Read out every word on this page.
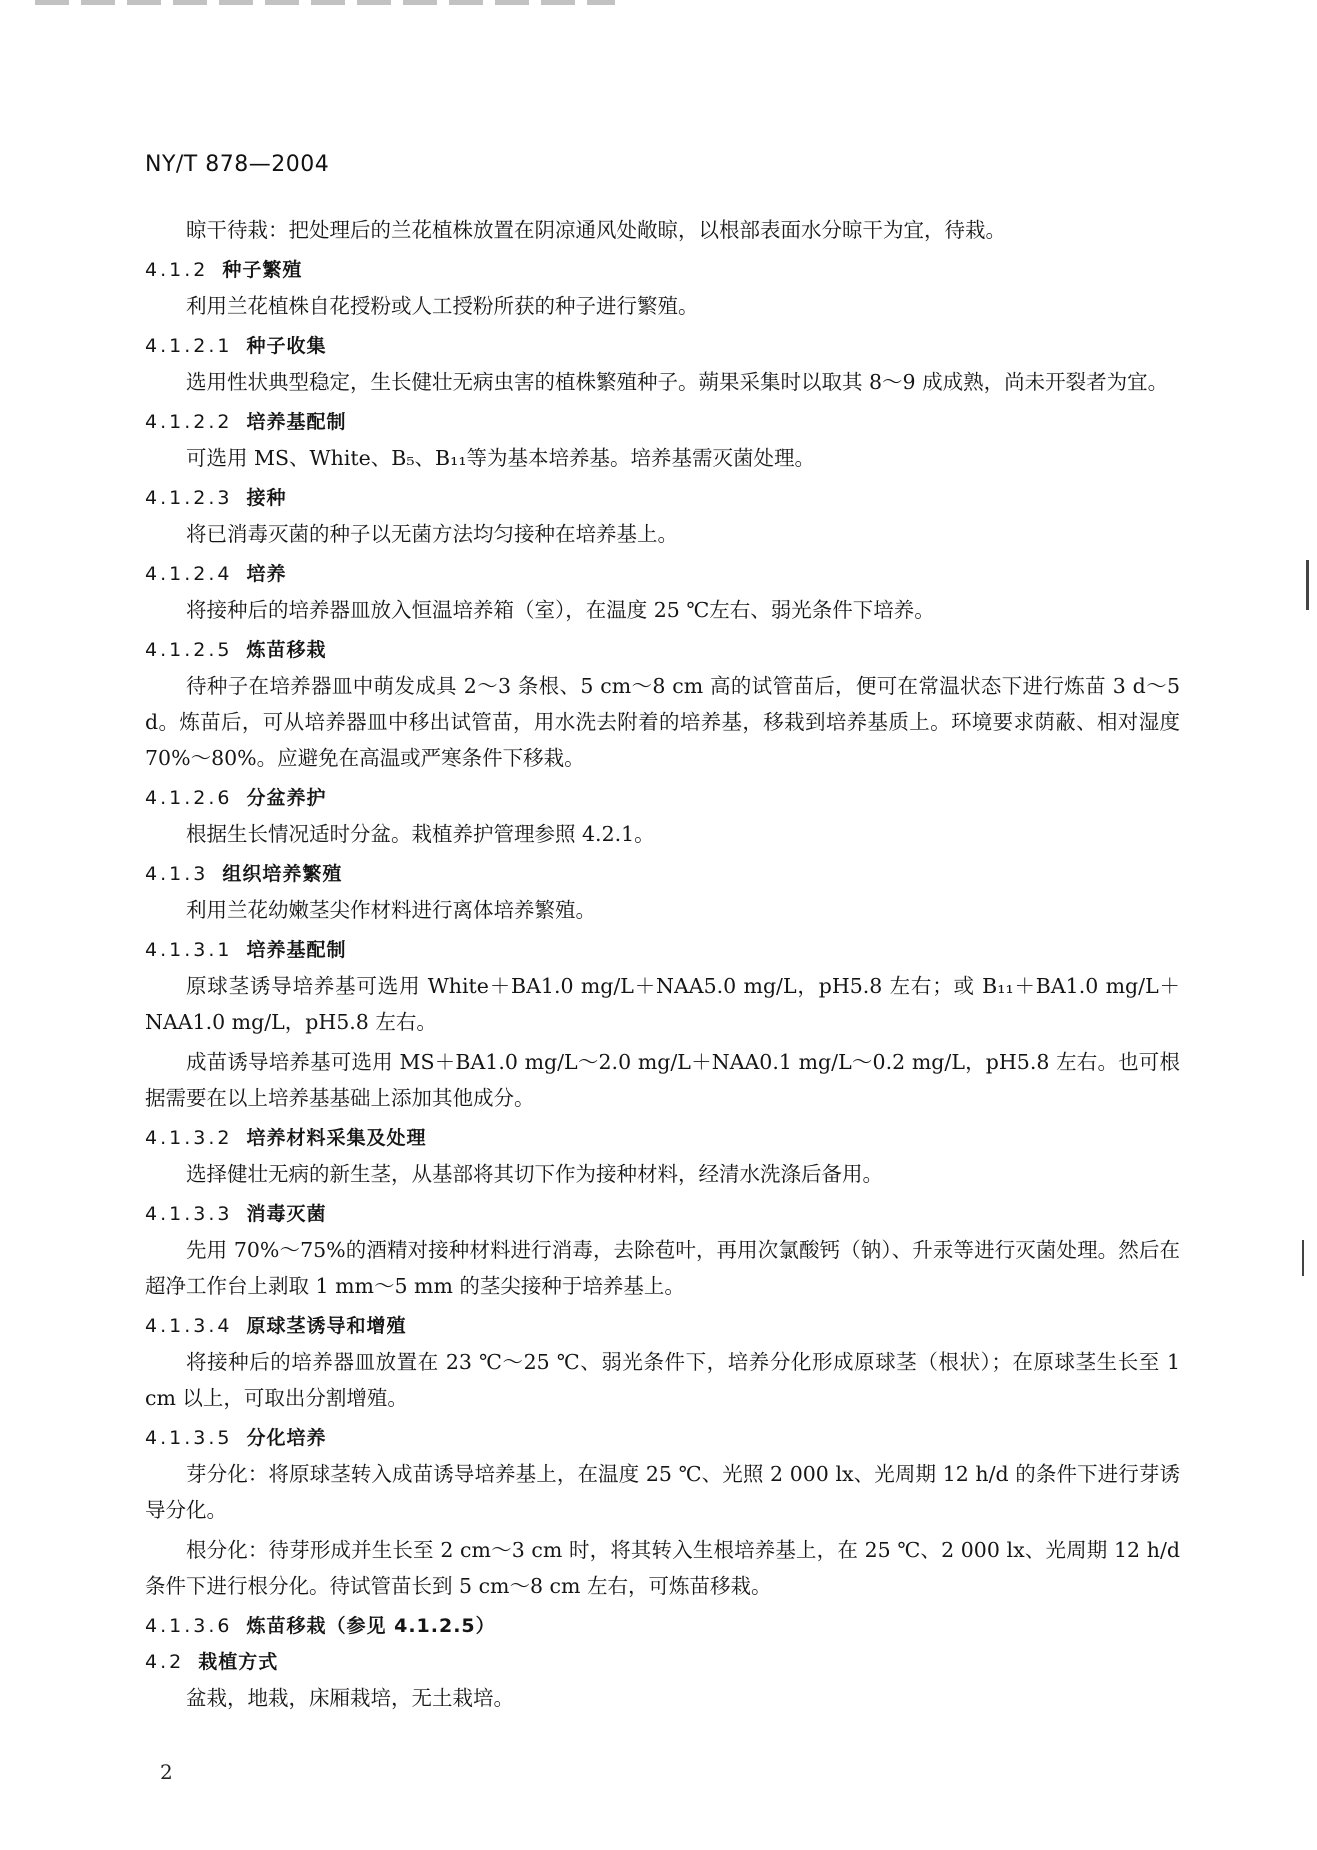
NY/T 878—2004

晾干待栽：把处理后的兰花植株放置在阴凉通风处敞晾，以根部表面水分晾干为宜，待栽。

4.1.2 种子繁殖

利用兰花植株自花授粉或人工授粉所获的种子进行繁殖。

4.1.2.1 种子收集

选用性状典型稳定，生长健壮无病虫害的植株繁殖种子。蒴果采集时以取其 8～9 成成熟，尚未开裂者为宜。

4.1.2.2 培养基配制

可选用 MS、White、B₅、B₁₁等为基本培养基。培养基需灭菌处理。

4.1.2.3 接种

将已消毒灭菌的种子以无菌方法均匀接种在培养基上。

4.1.2.4 培养

将接种后的培养器皿放入恒温培养箱（室），在温度 25 ℃左右、弱光条件下培养。

4.1.2.5 炼苗移栽

待种子在培养器皿中萌发成具 2～3 条根、5 cm～8 cm 高的试管苗后，便可在常温状态下进行炼苗 3 d～5 d。炼苗后，可从培养器皿中移出试管苗，用水洗去附着的培养基，移栽到培养基质上。环境要求荫蔽、相对湿度 70%～80%。应避免在高温或严寒条件下移栽。

4.1.2.6 分盆养护

根据生长情况适时分盆。栽植养护管理参照 4.2.1。

4.1.3 组织培养繁殖

利用兰花幼嫩茎尖作材料进行离体培养繁殖。

4.1.3.1 培养基配制

原球茎诱导培养基可选用 White＋BA1.0 mg/L＋NAA5.0 mg/L，pH5.8 左右；或 B₁₁＋BA1.0 mg/L＋NAA1.0 mg/L，pH5.8 左右。

成苗诱导培养基可选用 MS＋BA1.0 mg/L～2.0 mg/L＋NAA0.1 mg/L～0.2 mg/L，pH5.8 左右。也可根据需要在以上培养基基础上添加其他成分。

4.1.3.2 培养材料采集及处理

选择健壮无病的新生茎，从基部将其切下作为接种材料，经清水洗涤后备用。

4.1.3.3 消毒灭菌

先用 70%～75%的酒精对接种材料进行消毒，去除苞叶，再用次氯酸钙（钠）、升汞等进行灭菌处理。然后在超净工作台上剥取 1 mm～5 mm 的茎尖接种于培养基上。

4.1.3.4 原球茎诱导和增殖

将接种后的培养器皿放置在 23 ℃～25 ℃、弱光条件下，培养分化形成原球茎（根状）；在原球茎生长至 1 cm 以上，可取出分割增殖。

4.1.3.5 分化培养

芽分化：将原球茎转入成苗诱导培养基上，在温度 25 ℃、光照 2 000 lx、光周期 12 h/d 的条件下进行芽诱导分化。

根分化：待芽形成并生长至 2 cm～3 cm 时，将其转入生根培养基上，在 25 ℃、2 000 lx、光周期 12 h/d 条件下进行根分化。待试管苗长到 5 cm～8 cm 左右，可炼苗移栽。

4.1.3.6 炼苗移栽（参见 4.1.2.5）
4.2 栽植方式

盆栽，地栽，床厢栽培，无土栽培。

2
